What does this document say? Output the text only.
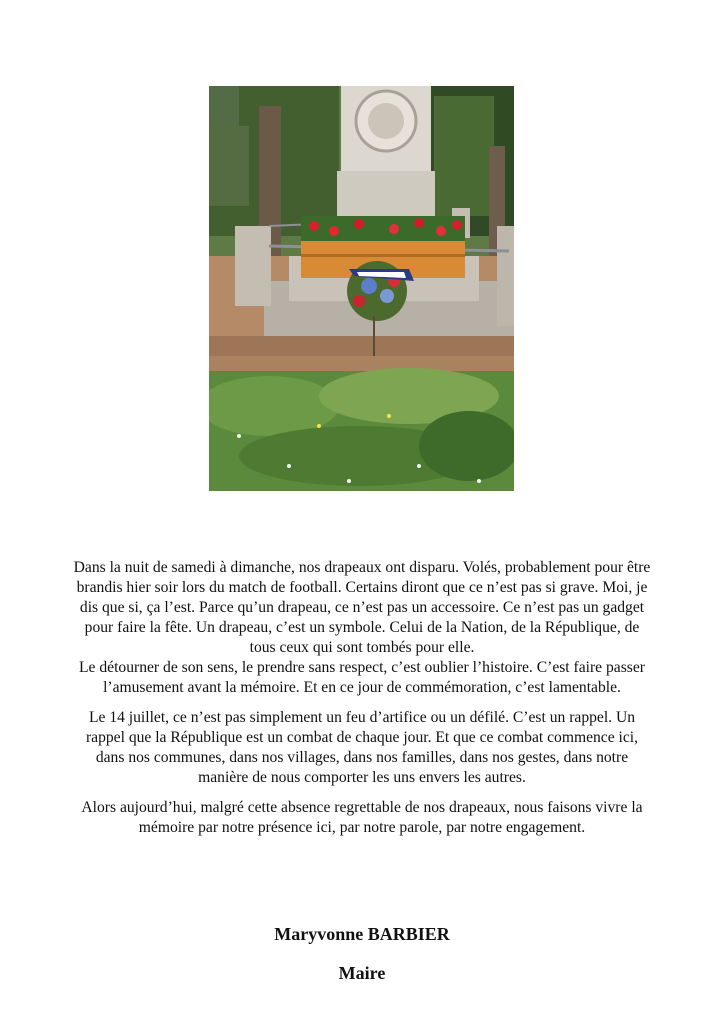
Dans la nuit de samedi à dimanche, nos drapeaux ont disparu. Volés, probablement pour être brandis hier soir lors du match de football. Certains diront que ce n’est pas si grave. Moi, je dis que si, ça l’est. Parce qu’un drapeau, ce n’est pas un accessoire. Ce n’est pas un gadget pour faire la fête. Un drapeau, c’est un symbole. Celui de la Nation, de la République, de tous ceux qui sont tombés pour elle.

Le détourner de son sens, le prendre sans respect, c’est oublier l’histoire. C’est faire passer l’amusement avant la mémoire. Et en ce jour de commémoration, c’est lamentable.

Le 14 juillet, ce n’est pas simplement un feu d’artifice ou un défilé. C’est un rappel. Un rappel que la République est un combat de chaque jour. Et que ce combat commence ici, dans nos communes, dans nos villages, dans nos familles, dans nos gestes, dans notre manière de nous comporter les uns envers les autres.

Alors aujourd’hui, malgré cette absence regrettable de nos drapeaux, nous faisons vivre la mémoire par notre présence ici, par notre parole, par notre engagement.

Maryvonne BARBIER
Maire
